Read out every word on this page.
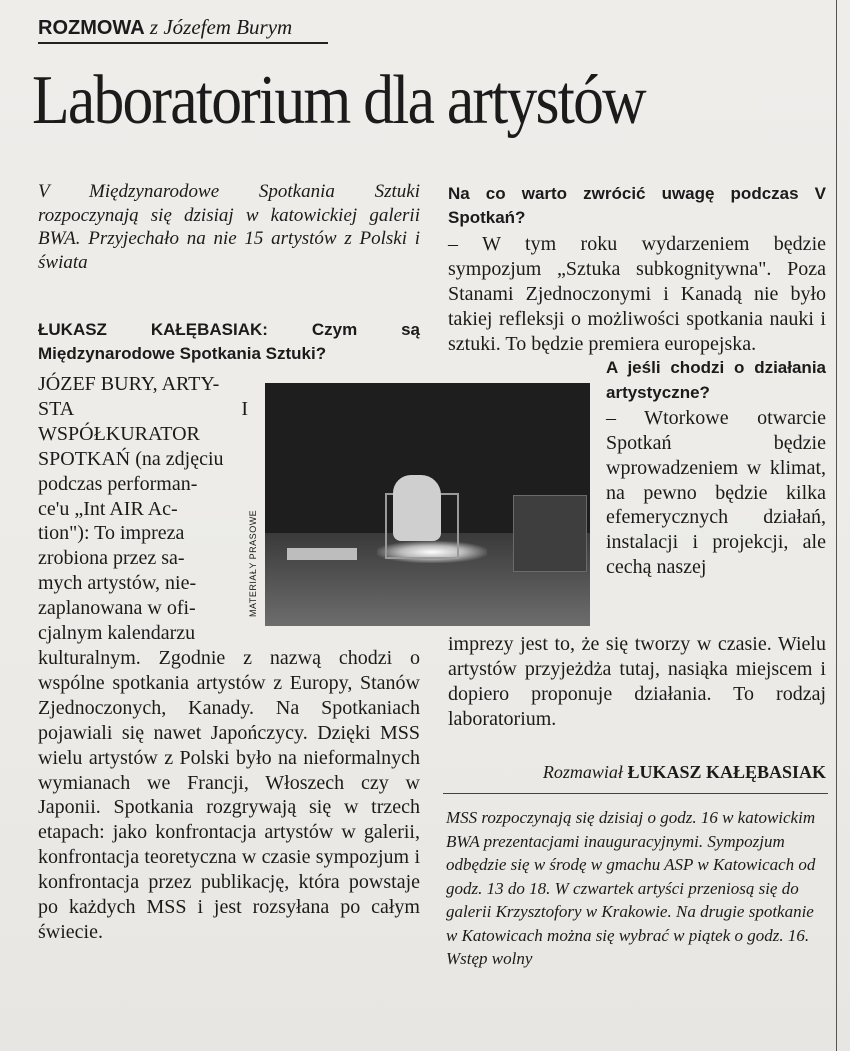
ROZMOWA z Józefem Burym
Laboratorium dla artystów
V Międzynarodowe Spotkania Sztuki rozpoczynają się dzisiaj w katowickiej galerii BWA. Przyjechało na nie 15 artystów z Polski i świata
ŁUKASZ KAŁĘBASIAK: Czym są Międzynarodowe Spotkania Sztuki?
JÓZEF BURY, ARTY-
STA I WSPÓŁKURATOR
SPOTKAŃ (na zdjęciu
podczas performan-
ce'u „Int AIR Ac-
tion"): To impreza
zrobiona przez sa-
mych artystów, nie-
zaplanowana w ofi-
cjalnym kalendarzu

kulturalnym. Zgodnie z nazwą chodzi o wspólne spotkania artystów z Europy, Stanów Zjednoczonych, Kanady. Na Spotkaniach pojawiali się nawet Japończycy. Dzięki MSS wielu artystów z Polski było na nieformalnych wymianach we Francji, Włoszech czy w Japonii. Spotkania rozgrywają się w trzech etapach: jako konfrontacja artystów w galerii, konfrontacja teoretyczna w czasie sympozjum i konfrontacja przez publikację, która powstaje po każdych MSS i jest rozsyłana po całym świecie.

MATERIAŁY PRASOWE
Na co warto zwrócić uwagę podczas V Spotkań?
– W tym roku wydarzeniem będzie sympozjum „Sztuka subkognitywna". Poza Stanami Zjednoczonymi i Kanadą nie było takiej refleksji o możliwości spotkania nauki i sztuki. To będzie premiera europejska.
A jeśli chodzi o działania artystyczne?

– Wtorkowe otwarcie Spotkań będzie wprowadzeniem w klimat, na pewno będzie kilka efemerycznych działań, instalacji i projekcji, ale cechą naszej

imprezy jest to, że się tworzy w czasie. Wielu artystów przyjeżdża tutaj, nasiąka miejscem i dopiero proponuje działania. To rodzaj laboratorium.
Rozmawiał ŁUKASZ KAŁĘBASIAK
MSS rozpoczynają się dzisiaj o godz. 16 w katowickim BWA prezentacjami inauguracyjnymi. Sympozjum odbędzie się w środę w gmachu ASP w Katowicach od godz. 13 do 18. W czwartek artyści przeniosą się do galerii Krzysztofory w Krakowie. Na drugie spotkanie w Katowicach można się wybrać w piątek o godz. 16. Wstęp wolny
